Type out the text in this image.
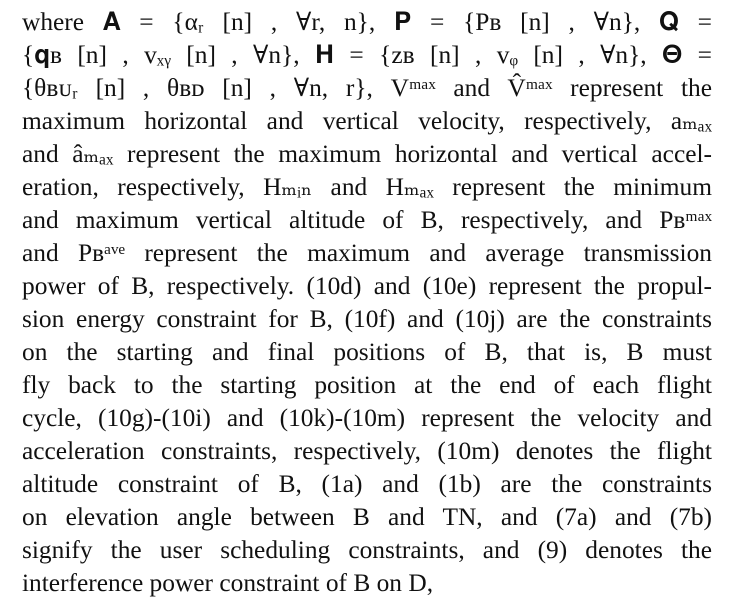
where 𝐀 = {αᵣ [n] , ∀r, n}, 𝐏 = {Pʙ [n] , ∀n}, 𝐐 =
{𝐪ʙ [n] , vₓᵧ [n] , ∀n}, 𝐇 = {zʙ [n] , vᵩ [n] , ∀n}, 𝚯 =
{θʙᴜᵣ [n] , θʙᴅ [n] , ∀n, r}, Vᵐᵃˣ and V̂ᵐᵃˣ represent the
maximum horizontal and vertical velocity, respectively, aₘₐₓ
and âₘₐₓ represent the maximum horizontal and vertical accel-
eration, respectively, Hₘᵢₙ and Hₘₐₓ represent the minimum
and maximum vertical altitude of B, respectively, and Pʙᵐᵃˣ
and Pʙᵃᵛᵉ represent the maximum and average transmission
power of B, respectively. (10d) and (10e) represent the propul-
sion energy constraint for B, (10f) and (10j) are the constraints
on the starting and final positions of B, that is, B must
fly back to the starting position at the end of each flight
cycle, (10g)-(10i) and (10k)-(10m) represent the velocity and
acceleration constraints, respectively, (10m) denotes the flight
altitude constraint of B, (1a) and (1b) are the constraints
on elevation angle between B and TN, and (7a) and (7b)
signify the user scheduling constraints, and (9) denotes the
interference power constraint of B on D,
